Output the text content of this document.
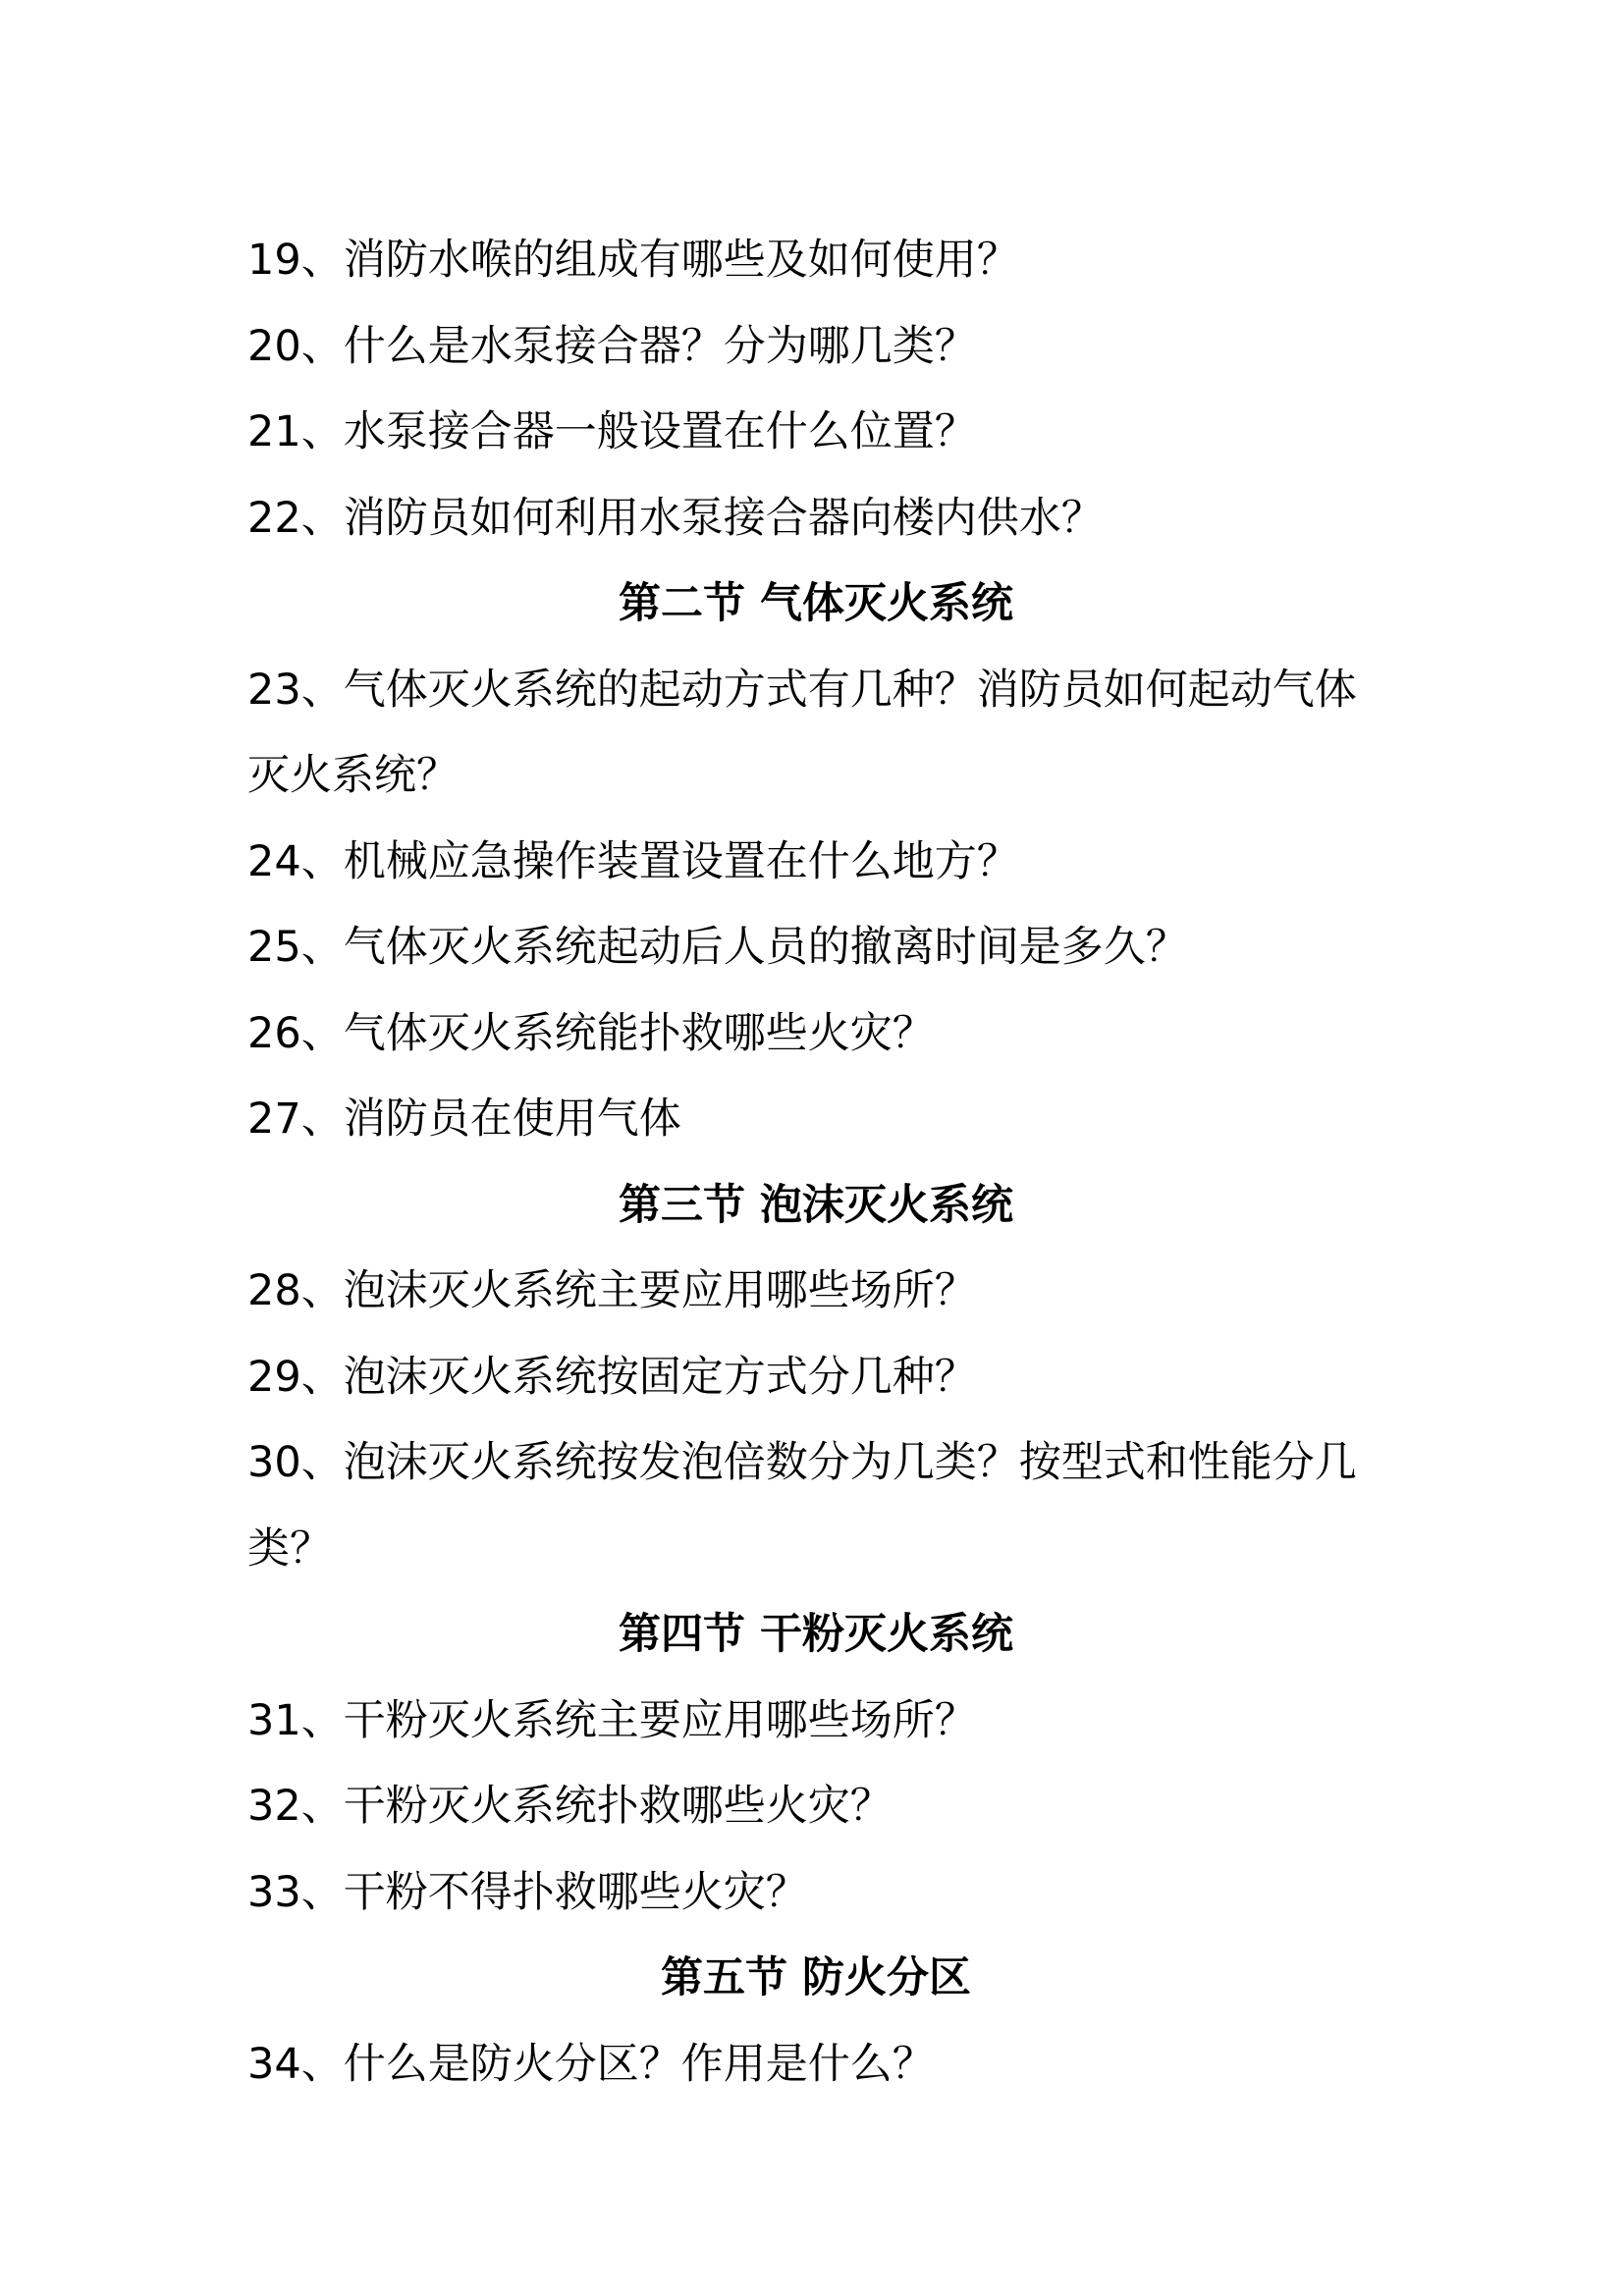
19、消防水喉的组成有哪些及如何使用？

20、什么是水泵接合器？分为哪几类？

21、水泵接合器一般设置在什么位置？

22、消防员如何利用水泵接合器向楼内供水？

第二节 气体灭火系统

23、气体灭火系统的起动方式有几种？消防员如何起动气体

灭火系统？

24、机械应急操作装置设置在什么地方？

25、气体灭火系统起动后人员的撤离时间是多久？

26、气体灭火系统能扑救哪些火灾？

27、消防员在使用气体

第三节 泡沫灭火系统

28、泡沫灭火系统主要应用哪些场所？

29、泡沫灭火系统按固定方式分几种？

30、泡沫灭火系统按发泡倍数分为几类？按型式和性能分几

类？

第四节 干粉灭火系统

31、干粉灭火系统主要应用哪些场所？

32、干粉灭火系统扑救哪些火灾？

33、干粉不得扑救哪些火灾？

第五节 防火分区

34、什么是防火分区？作用是什么？
